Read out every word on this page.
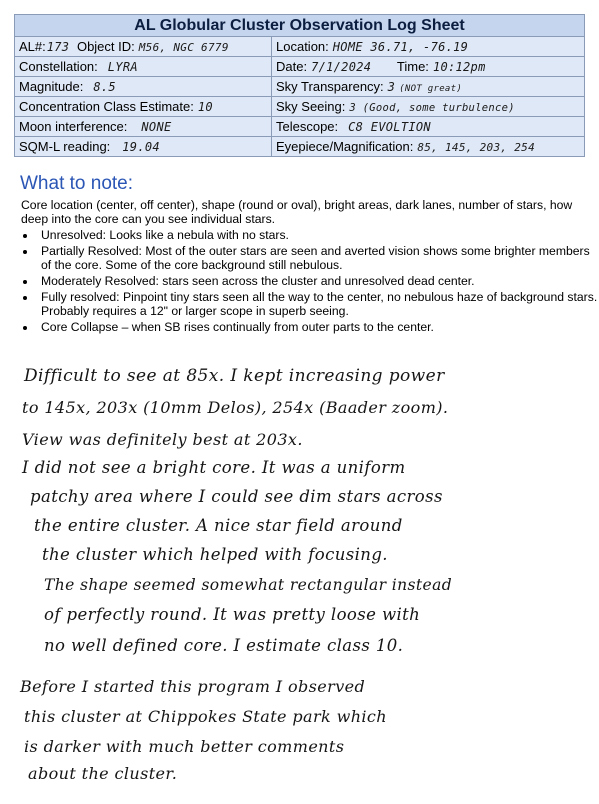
AL Globular Cluster Observation Log Sheet	
AL#:173 Object ID: M56, NGC 6779	Location: HOME 36.71, -76.19
Constellation: LYRA	Date: 7/1/2024 Time: 10:12pm
Magnitude: 8.5	Sky Transparency: 3 (NOT great)
Concentration Class Estimate: 10	Sky Seeing: 3 (Good, some turbulence)
Moon interference: NONE	Telescope: C8 EVOLTION
SQM-L reading: 19.04	Eyepiece/Magnification: 85, 145, 203, 254
What to note:

Core location (center, off center), shape (round or oval), bright areas, dark lanes, number of stars, how deep into the core can you see individual stars.

• Unresolved: Looks like a nebula with no stars.
• Partially Resolved: Most of the outer stars are seen and averted vision shows some brighter members of the core. Some of the core background still nebulous.
• Moderately Resolved: stars seen across the cluster and unresolved dead center.
• Fully resolved: Pinpoint tiny stars seen all the way to the center, no nebulous haze of background stars. Probably requires a 12" or larger scope in superb seeing.
• Core Collapse – when SB rises continually from outer parts to the center.
Difficult to see at 85x. I kept increasing power
to 145x, 203x (10mm Delos), 254x (Baader zoom).
View was definitely best at 203x.
I did not see a bright core. It was a uniform
patchy area where I could see dim stars across
the entire cluster. A nice star field around
the cluster which helped with focusing.
The shape seemed somewhat rectangular instead
of perfectly round. It was pretty loose with
no well defined core. I estimate class 10.
Before I started this program I observed
this cluster at Chippokes State park which
is darker with much better comments
about the cluster.
